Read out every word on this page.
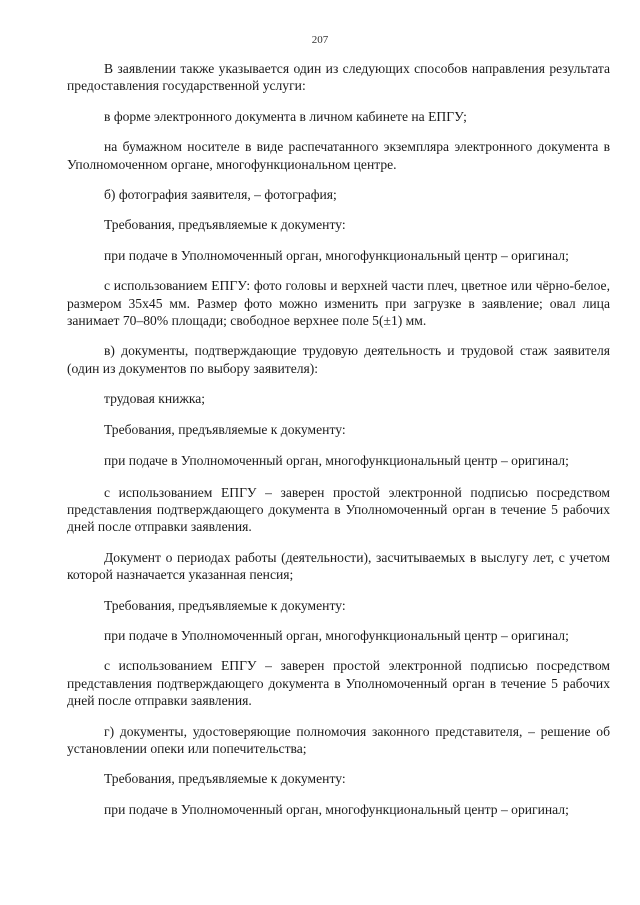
207

В заявлении также указывается один из следующих способов направления результата предоставления государственной услуги:

в форме электронного документа в личном кабинете на ЕПГУ;

на бумажном носителе в виде распечатанного экземпляра электронного документа в Уполномоченном органе, многофункциональном центре.

б) фотография заявителя, – фотография;

Требования, предъявляемые к документу:

при подаче в Уполномоченный орган, многофункциональный центр – оригинал;

с использованием ЕПГУ: фото головы и верхней части плеч, цветное или чёрно-белое, размером 35x45 мм. Размер фото можно изменить при загрузке в заявление; овал лица занимает 70–80% площади; свободное верхнее поле 5(±1) мм.

в) документы, подтверждающие трудовую деятельность и трудовой стаж заявителя (один из документов по выбору заявителя):

трудовая книжка;

Требования, предъявляемые к документу:

при подаче в Уполномоченный орган, многофункциональный центр – оригинал;

с использованием ЕПГУ – заверен простой электронной подписью посредством представления подтверждающего документа в Уполномоченный орган в течение 5 рабочих дней после отправки заявления.

Документ о периодах работы (деятельности), засчитываемых в выслугу лет, с учетом которой назначается указанная пенсия;

Требования, предъявляемые к документу:

при подаче в Уполномоченный орган, многофункциональный центр – оригинал;

с использованием ЕПГУ – заверен простой электронной подписью посредством представления подтверждающего документа в Уполномоченный орган в течение 5 рабочих дней после отправки заявления.

г) документы, удостоверяющие полномочия законного представителя, – решение об установлении опеки или попечительства;

Требования, предъявляемые к документу:

при подаче в Уполномоченный орган, многофункциональный центр – оригинал;
